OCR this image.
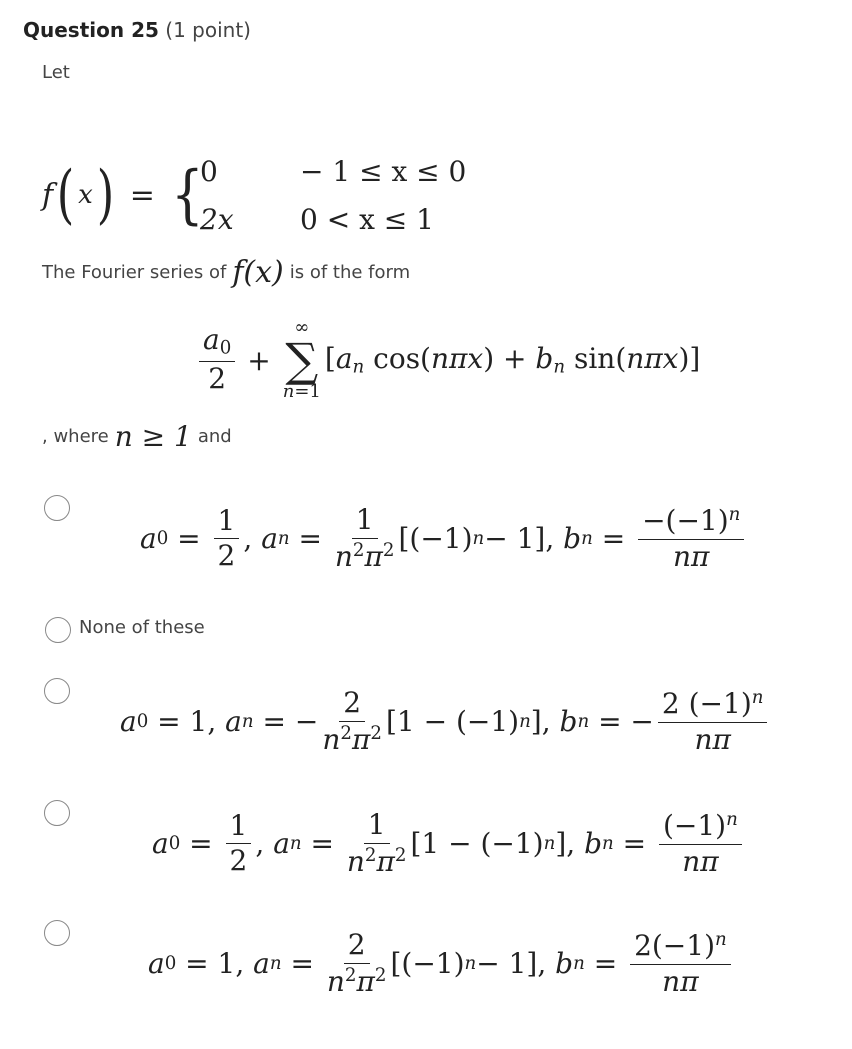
Question 25 (1 point)
Let
f ( x ) = {
0
2x
− 1 ≤ x ≤ 0
0 < x ≤ 1
The Fourier series of f(x) is of the form
$\frac{a_0}{2}$ +
∞
∑
n=1
[$a_n$ $\cos(n\pi x) + b_n$ sin(nπx)]
, where n ≥ 1 and
a $0 = \frac{1}{2}$ , a $n = \frac{1}{n^2\pi^2} [(-1) n - 1]$, b $n = \frac{-(-1)^n}{n\pi}$
None of these
a 0 = 1, a n = − $\frac{2}{n^2\pi^2} [1 - (-1)$ n ], b n = − $\frac{2 (-1)^n}{n\pi}$
a $0 = \frac{1}{2}$ , a $n = \frac{1}{n^2\pi^2} [1 - (-1)$ n ], b $n = \frac{(-1)^n}{n\pi}$
a 0 = 1, a $n = \frac{2}{n^2\pi^2} [(-1) n - 1]$, b $n = \frac{2(-1)^n}{n\pi}$
